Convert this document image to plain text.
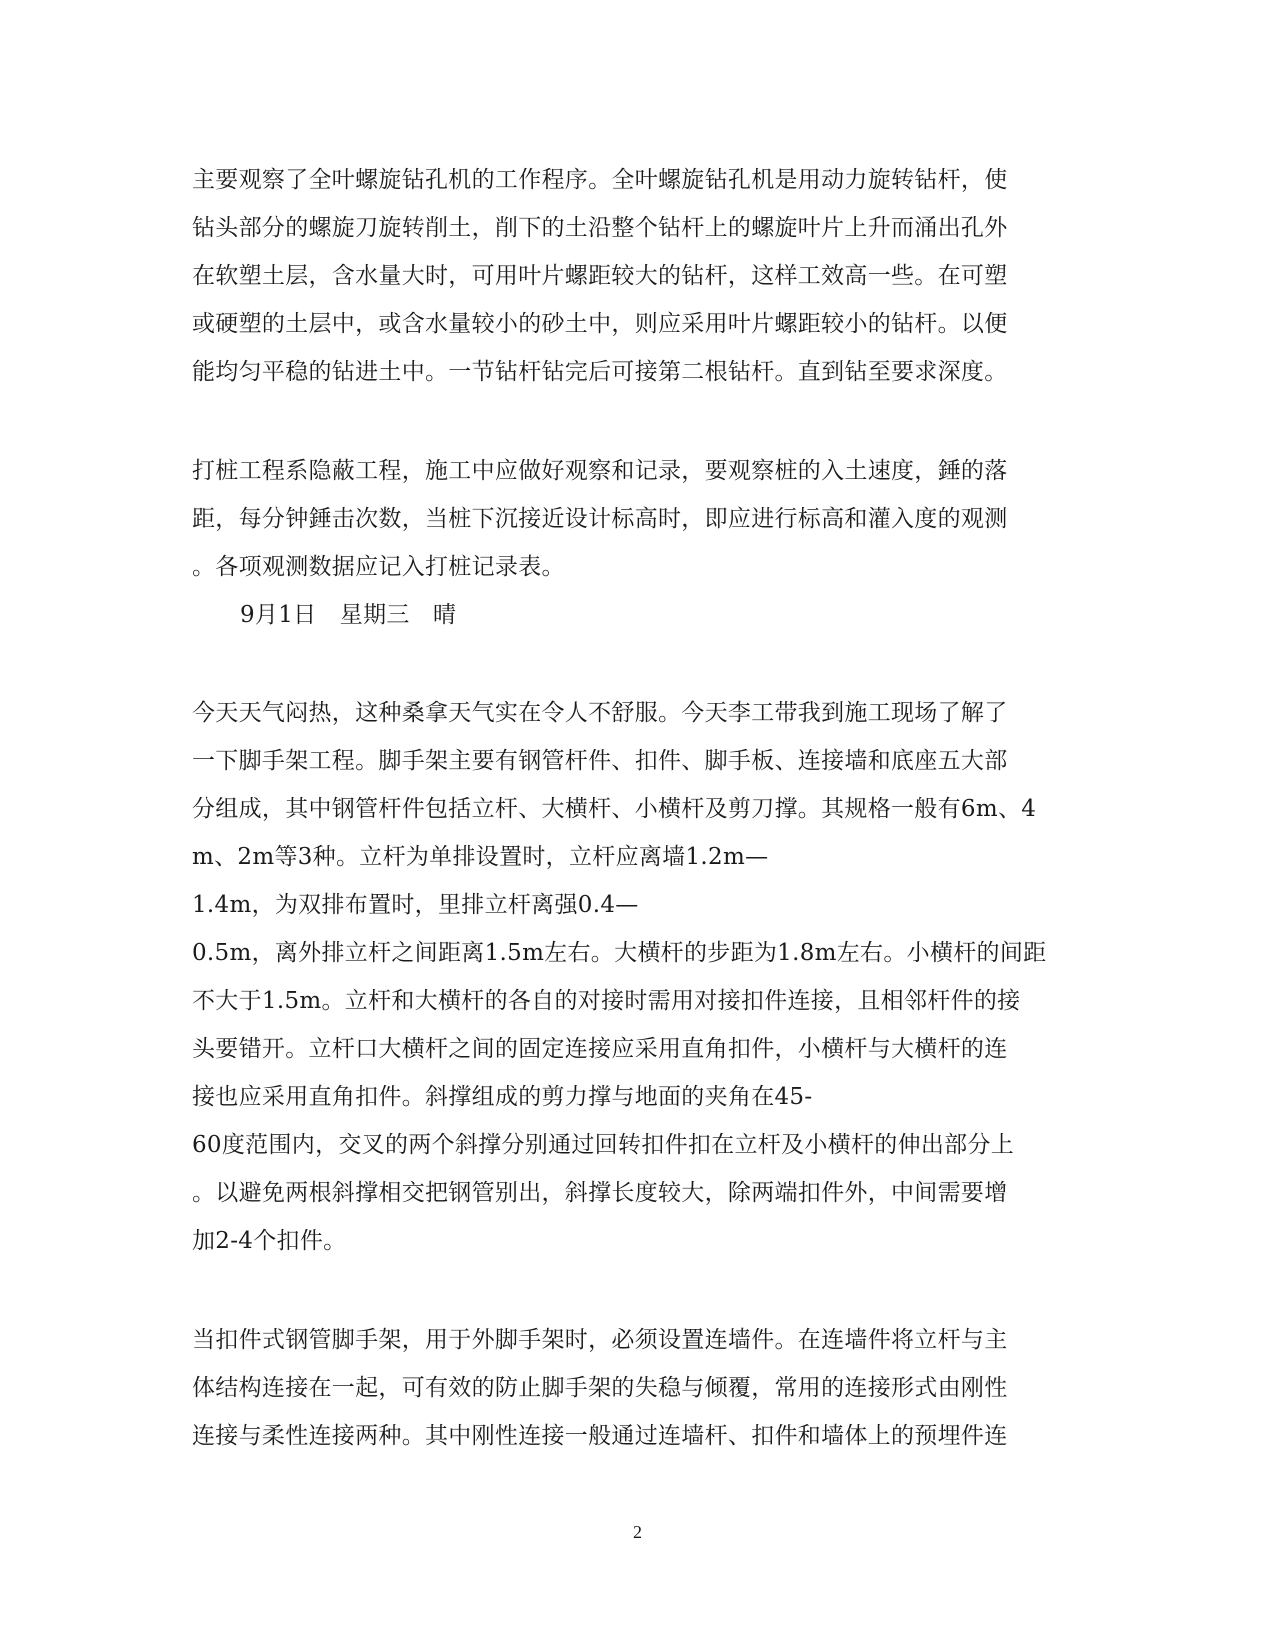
主要观察了全叶螺旋钻孔机的工作程序。全叶螺旋钻孔机是用动力旋转钻杆，使
钻头部分的螺旋刀旋转削土，削下的土沿整个钻杆上的螺旋叶片上升而涌出孔外
在软塑土层，含水量大时，可用叶片螺距较大的钻杆，这样工效高一些。在可塑
或硬塑的土层中，或含水量较小的砂土中，则应采用叶片螺距较小的钻杆。以便
能均匀平稳的钻进土中。一节钻杆钻完后可接第二根钻杆。直到钻至要求深度。
打桩工程系隐蔽工程，施工中应做好观察和记录，要观察桩的入土速度，錘的落
距，每分钟錘击次数，当桩下沉接近设计标高时，即应进行标高和灌入度的观测
。各项观测数据应记入打桩记录表。
9月1日　星期三　晴
今天天气闷热，这种桑拿天气实在令人不舒服。今天李工带我到施工现场了解了
一下脚手架工程。脚手架主要有钢管杆件、扣件、脚手板、连接墙和底座五大部
分组成，其中钢管杆件包括立杆、大横杆、小横杆及剪刀撑。其规格一般有6m、4
m、2m等3种。立杆为单排设置时，立杆应离墙1.2m—
1.4m，为双排布置时，里排立杆离强0.4—
0.5m，离外排立杆之间距离1.5m左右。大横杆的步距为1.8m左右。小横杆的间距
不大于1.5m。立杆和大横杆的各自的对接时需用对接扣件连接，且相邻杆件的接
头要错开。立杆口大横杆之间的固定连接应采用直角扣件，小横杆与大横杆的连
接也应采用直角扣件。斜撑组成的剪力撑与地面的夹角在45-
60度范围内，交叉的两个斜撑分别通过回转扣件扣在立杆及小横杆的伸出部分上
。以避免两根斜撑相交把钢管别出，斜撑长度较大，除两端扣件外，中间需要增
加2-4个扣件。
当扣件式钢管脚手架，用于外脚手架时，必须设置连墙件。在连墙件将立杆与主
体结构连接在一起，可有效的防止脚手架的失稳与倾覆，常用的连接形式由刚性
连接与柔性连接两种。其中刚性连接一般通过连墙杆、扣件和墙体上的预埋件连
2
